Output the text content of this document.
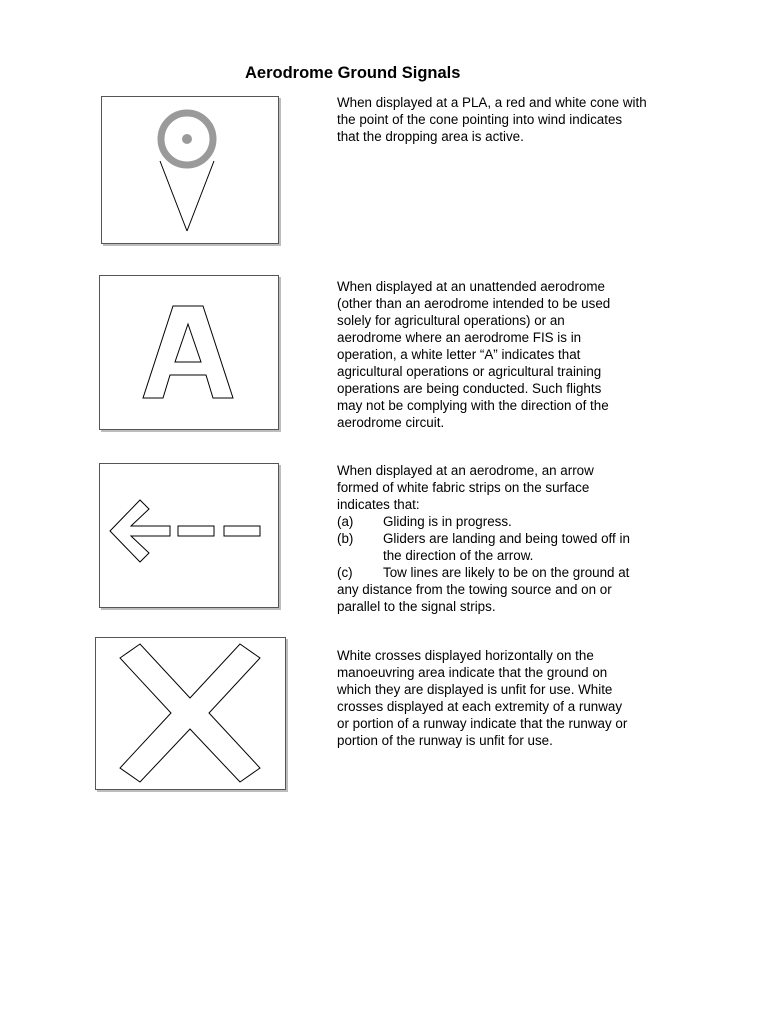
Aerodrome Ground Signals

When displayed at a PLA, a red and white cone with
the point of the cone pointing into wind indicates
that the dropping area is active.

When displayed at an unattended aerodrome
(other than an aerodrome intended to be used
solely for agricultural operations) or an
aerodrome where an aerodrome FIS is in
operation, a white letter “A” indicates that
agricultural operations or agricultural training
operations are being conducted. Such flights
may not be complying with the direction of the
aerodrome circuit.

When displayed at an aerodrome, an arrow
formed of white fabric strips on the surface
indicates that:
(a) Gliding is in progress.
(b) Gliders are landing and being towed off in
the direction of the arrow.
(c) Tow lines are likely to be on the ground at
any distance from the towing source and on or
parallel to the signal strips.

White crosses displayed horizontally on the
manoeuvring area indicate that the ground on
which they are displayed is unfit for use. White
crosses displayed at each extremity of a runway
or portion of a runway indicate that the runway or
portion of the runway is unfit for use.
